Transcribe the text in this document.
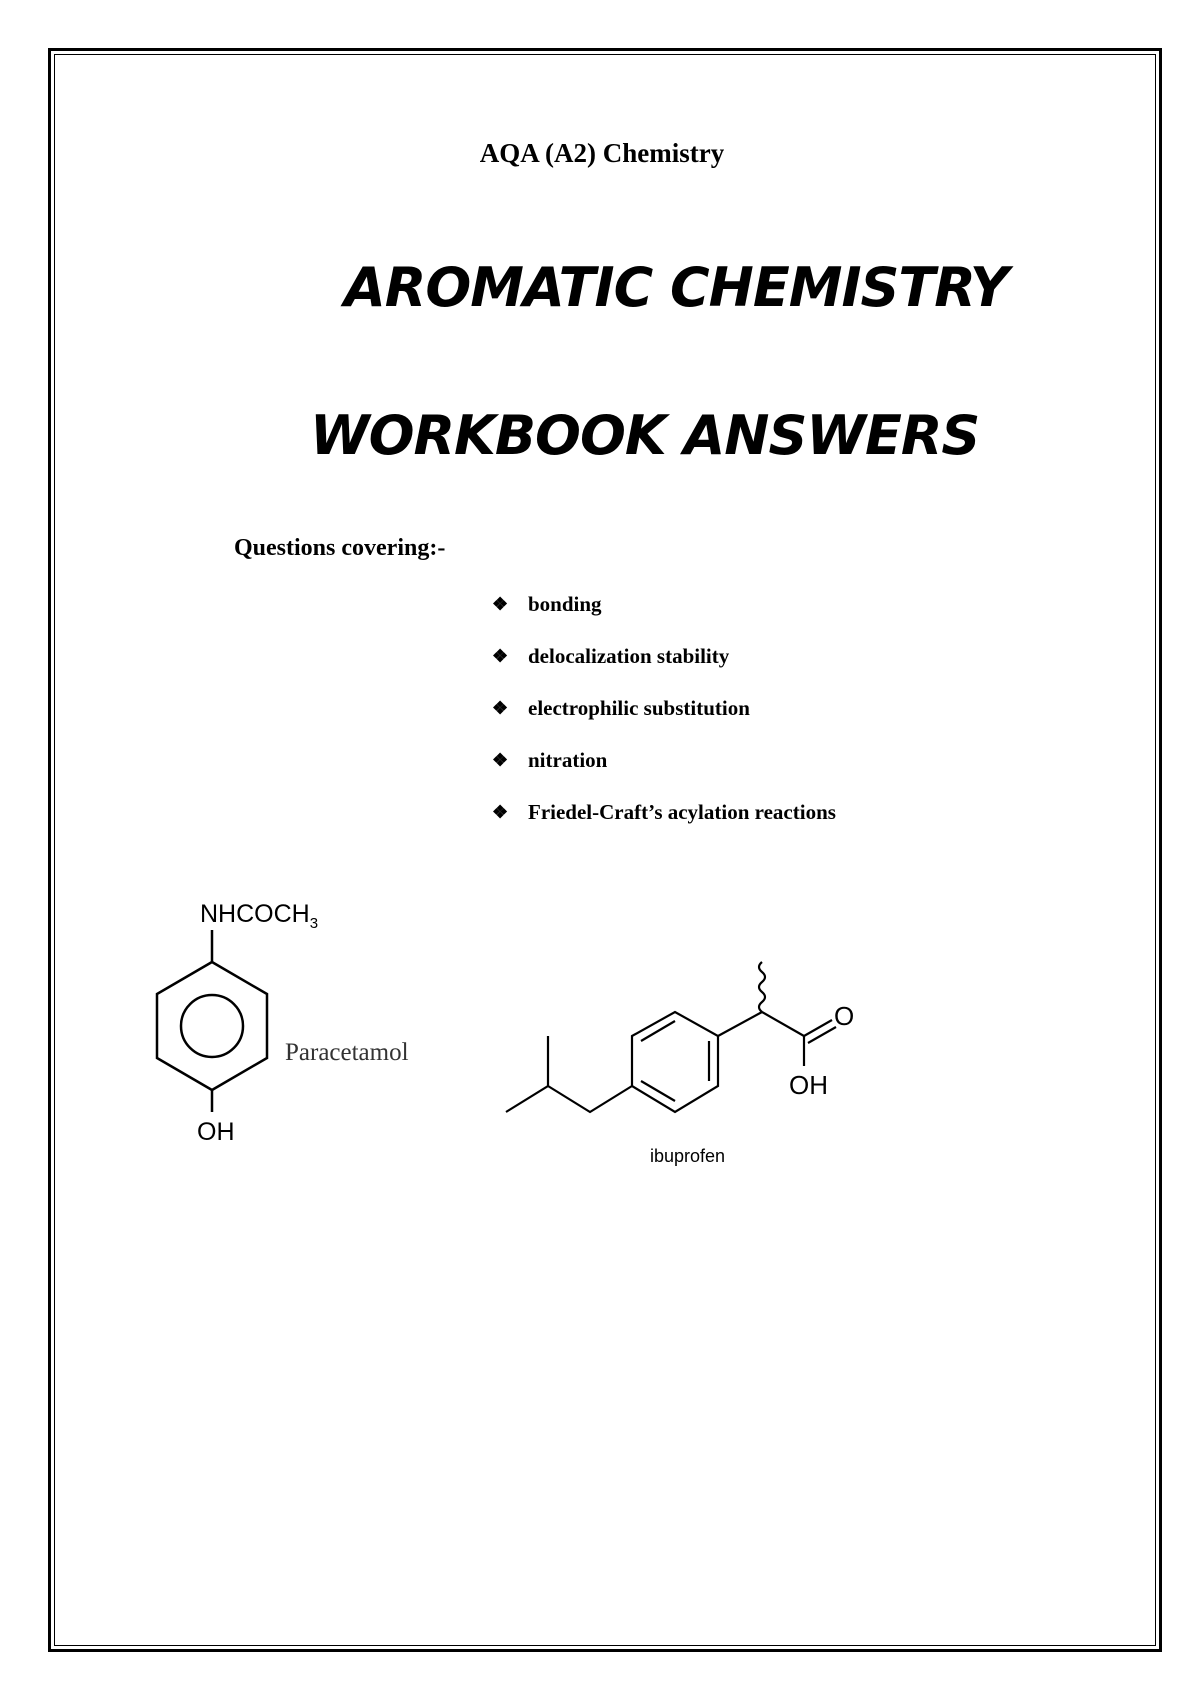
AQA (A2) Chemistry
AROMATIC CHEMISTRY
WORKBOOK ANSWERS
Questions covering:-
❖ bonding
❖ delocalization stability
❖ electrophilic substitution
❖ nitration
❖ Friedel-Craft’s acylation reactions
$NHCOCH_3$
OH
Paracetamol
O
OH
ibuprofen
